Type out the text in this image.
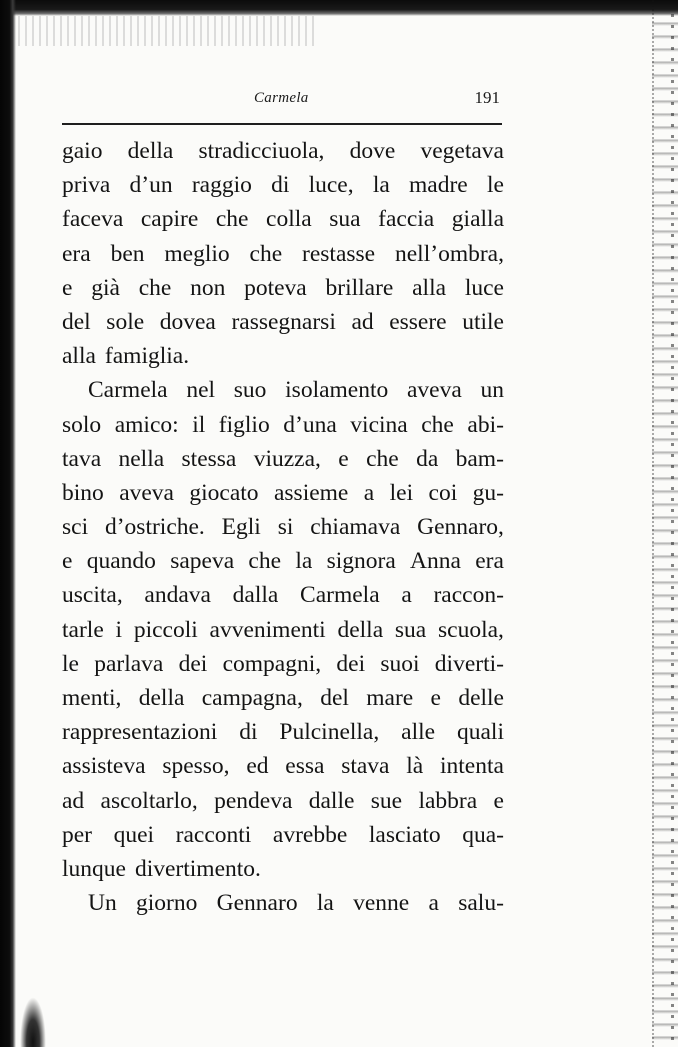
Carmela	191
gaio della stradicciuola, dove vegetava
priva d’un raggio di luce, la madre le
faceva capire che colla sua faccia gialla
era ben meglio che restasse nell’ombra,
e già che non poteva brillare alla luce
del sole dovea rassegnarsi ad essere utile
alla famiglia.
Carmela nel suo isolamento aveva un
solo amico: il figlio d’una vicina che abi-
tava nella stessa viuzza, e che da bam-
bino aveva giocato assieme a lei coi gu-
sci d’ostriche. Egli si chiamava Gennaro,
e quando sapeva che la signora Anna era
uscita, andava dalla Carmela a raccon-
tarle i piccoli avvenimenti della sua scuola,
le parlava dei compagni, dei suoi diverti-
menti, della campagna, del mare e delle
rappresentazioni di Pulcinella, alle quali
assisteva spesso, ed essa stava là intenta
ad ascoltarlo, pendeva dalle sue labbra e
per quei racconti avrebbe lasciato qua-
lunque divertimento.
Un giorno Gennaro la venne a salu-
